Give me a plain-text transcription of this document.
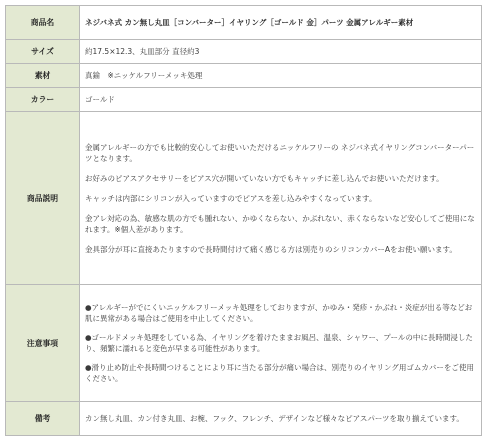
商品名	ネジバネ式 カン無し丸皿［コンバーター］イヤリング［ゴールド 金］パーツ 金属アレルギー素材
サイズ	約17.5×12.3、丸皿部分 直径約3
素材	真鍮　※ニッケルフリーメッキ処理
カラー	ゴールド
商品説明	金属アレルギーの方でも比較的安心してお使いいただけるニッケルフリーの ネジバネ式イヤリングコンバーターパーツとなります。

お好みのピアスアクセサリーをピアス穴が開いていない方でもキャッチに差し込んでお使いいただけます。

キャッチは内部にシリコンが入っていますのでピアスを差し込みやすくなっています。

金アレ対応の為、敏感な肌の方でも腫れない、かゆくならない、かぶれない、赤くならないなど安心してご使用になれます。※個人差があります。

金具部分が耳に直接あたりますので長時間付けて痛く感じる方は別売りのシリコンカバーAをお使い願います。

注意事項	●アレルギーがでにくいニッケルフリーメッキ処理をしておりますが、かゆみ・発疹・かぶれ・炎症が出る等などお肌に異常がある場合はご使用を中止してください。

●ゴールドメッキ処理をしている為、イヤリングを着けたままお風呂、温泉、シャワー、プールの中に長時間浸したり、頻繁に濡れると変色が早まる可能性があります。

●滑り止め防止や長時間つけることにより耳に当たる部分が痛い場合は、別売りのイヤリング用ゴムカバーをご使用ください。

備考	カン無し丸皿、カン付き丸皿、お椀、フック、フレンチ、デザインなど様々なピアスパーツを取り揃えています。
